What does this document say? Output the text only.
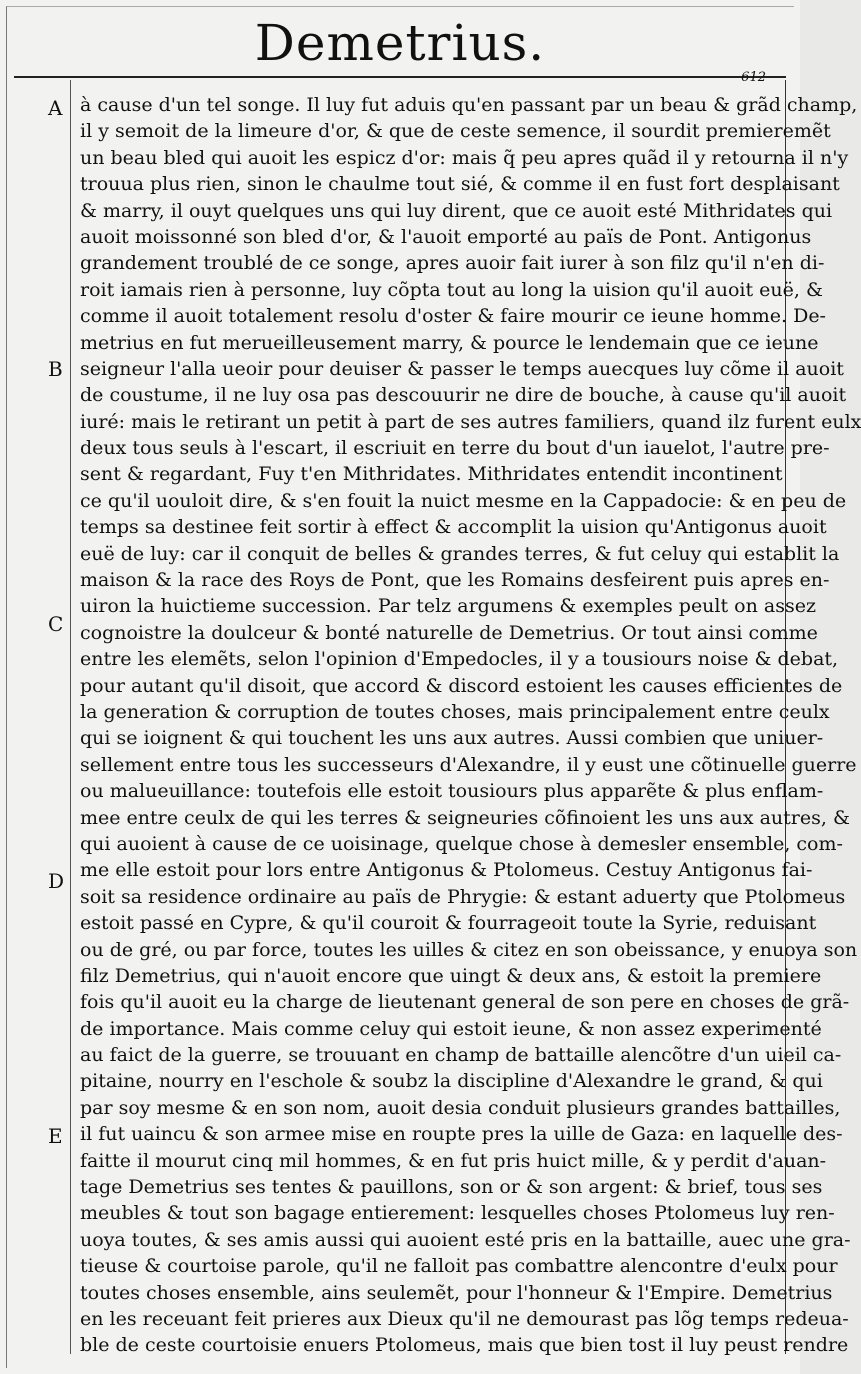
Demetrius.
612
A
B
C
D
E
à cause d'un tel songe. Il luy fut aduis qu'en passant par un beau & grãd champ,
il y semoit de la limeure d'or, & que de ceste semence, il sourdit premieremẽt
un beau bled qui auoit les espicz d'or: mais q̃ peu apres quãd il y retourna il n'y
trouua plus rien, sinon le chaulme tout sié, & comme il en fust fort desplaisant
& marry, il ouyt quelques uns qui luy dirent, que ce auoit esté Mithridates qui
auoit moissonné son bled d'or, & l'auoit emporté au païs de Pont. Antigonus
grandement troublé de ce songe, apres auoir fait iurer à son filz qu'il n'en di-
roit iamais rien à personne, luy cõpta tout au long la uision qu'il auoit euë, &
comme il auoit totalement resolu d'oster & faire mourir ce ieune homme. De-
metrius en fut merueilleusement marry, & pource le lendemain que ce ieune
seigneur l'alla ueoir pour deuiser & passer le temps auecques luy cõme il auoit
de coustume, il ne luy osa pas descouurir ne dire de bouche, à cause qu'il auoit
iuré: mais le retirant un petit à part de ses autres familiers, quand ilz furent eulx
deux tous seuls à l'escart, il escriuit en terre du bout d'un iauelot, l'autre pre-
sent & regardant, Fuy t'en Mithridates. Mithridates entendit incontinent
ce qu'il uouloit dire, & s'en fouit la nuict mesme en la Cappadocie: & en peu de
temps sa destinee feit sortir à effect & accomplit la uision qu'Antigonus auoit
euë de luy: car il conquit de belles & grandes terres, & fut celuy qui establit la
maison & la race des Roys de Pont, que les Romains desfeirent puis apres en-
uiron la huictieme succession. Par telz argumens & exemples peult on assez
cognoistre la doulceur & bonté naturelle de Demetrius. Or tout ainsi comme
entre les elemẽts, selon l'opinion d'Empedocles, il y a tousiours noise & debat,
pour autant qu'il disoit, que accord & discord estoient les causes efficientes de
la generation & corruption de toutes choses, mais principalement entre ceulx
qui se ioignent & qui touchent les uns aux autres. Aussi combien que uniuer-
sellement entre tous les successeurs d'Alexandre, il y eust une cõtinuelle guerre
ou malueuillance: toutefois elle estoit tousiours plus apparẽte & plus enflam-
mee entre ceulx de qui les terres & seigneuries cõfinoient les uns aux autres, &
qui auoient à cause de ce uoisinage, quelque chose à demesler ensemble, com-
me elle estoit pour lors entre Antigonus & Ptolomeus. Cestuy Antigonus fai-
soit sa residence ordinaire au païs de Phrygie: & estant aduerty que Ptolomeus
estoit passé en Cypre, & qu'il couroit & fourrageoit toute la Syrie, reduisant
ou de gré, ou par force, toutes les uilles & citez en son obeissance, y enuoya son
filz Demetrius, qui n'auoit encore que uingt & deux ans, & estoit la premiere
fois qu'il auoit eu la charge de lieutenant general de son pere en choses de grã-
de importance. Mais comme celuy qui estoit ieune, & non assez experimenté
au faict de la guerre, se trouuant en champ de battaille alencõtre d'un uieil ca-
pitaine, nourry en l'eschole & soubz la discipline d'Alexandre le grand, & qui
par soy mesme & en son nom, auoit desia conduit plusieurs grandes battailles,
il fut uaincu & son armee mise en roupte pres la uille de Gaza: en laquelle des-
faitte il mourut cinq mil hommes, & en fut pris huict mille, & y perdit d'auan-
tage Demetrius ses tentes & pauillons, son or & son argent: & brief, tous ses
meubles & tout son bagage entierement: lesquelles choses Ptolomeus luy ren-
uoya toutes, & ses amis aussi qui auoient esté pris en la battaille, auec une gra-
tieuse & courtoise parole, qu'il ne falloit pas combattre alencontre d'eulx pour
toutes choses ensemble, ains seulemẽt, pour l'honneur & l'Empire. Demetrius
en les receuant feit prieres aux Dieux qu'il ne demourast pas lõg temps redeua-
ble de ceste courtoisie enuers Ptolomeus, mais que bien tost il luy peust rendre
